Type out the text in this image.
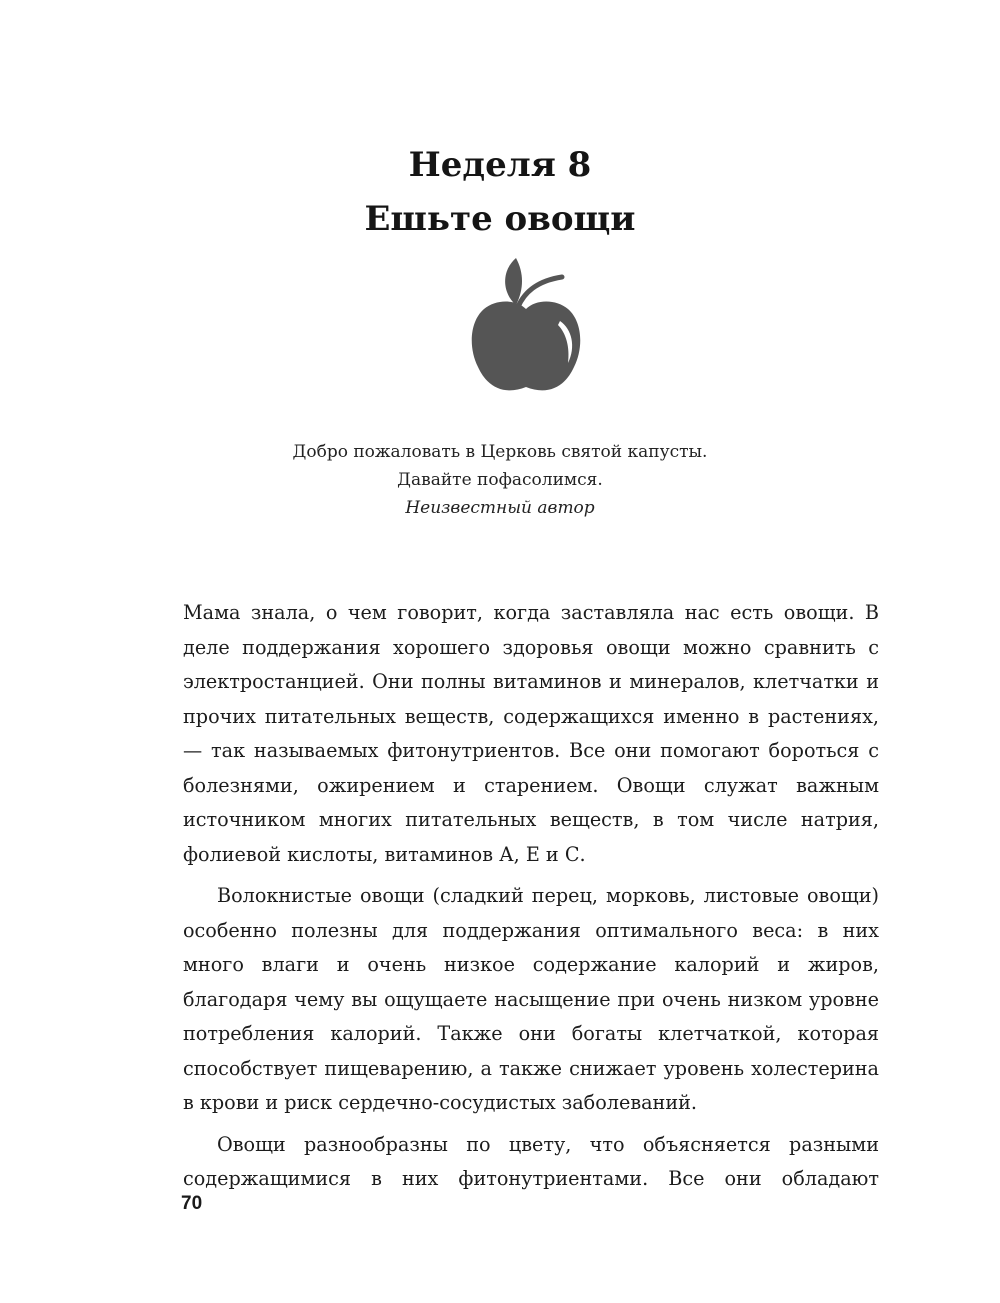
Неделя 8
Ешьте овощи
Добро пожаловать в Церковь святой капусты.
Давайте пофасолимся.
Неизвестный автор

Мама знала, о чем говорит, когда заставляла нас есть овощи. В деле поддержания хорошего здоровья овощи можно сравнить с электростанцией. Они полны витаминов и минералов, клетчатки и прочих питательных веществ, содержащихся именно в растениях, — так называемых фитонутриентов. Все они помогают бороться с болезнями, ожирением и старением. Овощи служат важным источником многих питательных веществ, в том числе натрия, фолиевой кислоты, витаминов А, Е и С.

Волокнистые овощи (сладкий перец, морковь, листовые овощи) особенно полезны для поддержания оптимального веса: в них много влаги и очень низкое содержание калорий и жиров, благодаря чему вы ощущаете насыщение при очень низком уровне потребления калорий. Также они богаты клетчаткой, которая способствует пищеварению, а также снижает уровень холестерина в крови и риск сердечно-сосудистых заболеваний.

Овощи разнообразны по цвету, что объясняется разными содержащимися в них фитонутриентами. Все они обладают

70
